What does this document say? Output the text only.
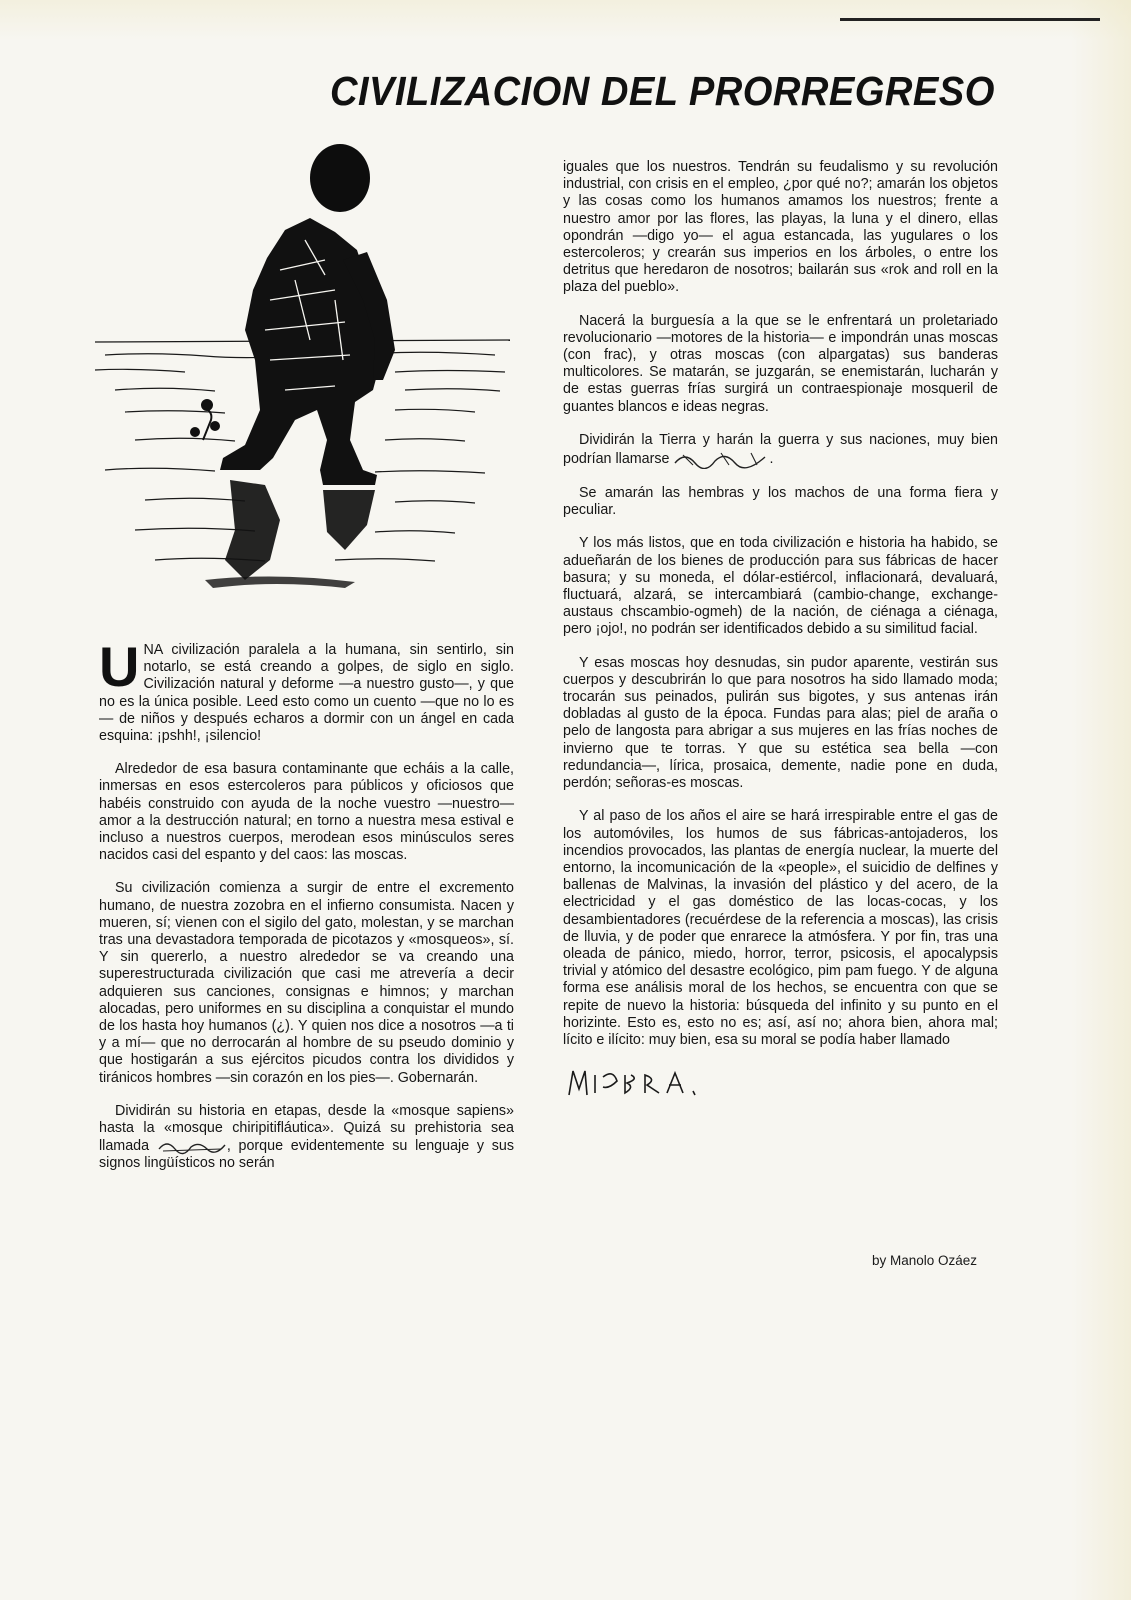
CIVILIZACION DEL PRORREGRESO

UNA civilización paralela a la humana, sin sentirlo, sin notarlo, se está creando a golpes, de siglo en siglo. Civilización natural y deforme —a nuestro gusto—, y que no es la única posible. Leed esto como un cuento —que no lo es— de niños y después echaros a dormir con un ángel en cada esquina: ¡pshh!, ¡silencio!

Alrededor de esa basura contaminante que echáis a la calle, inmersas en esos estercoleros para públicos y oficiosos que habéis construido con ayuda de la noche vuestro —nuestro— amor a la destrucción natural; en torno a nuestra mesa estival e incluso a nuestros cuerpos, merodean esos minúsculos seres nacidos casi del espanto y del caos: las moscas.

Su civilización comienza a surgir de entre el excremento humano, de nuestra zozobra en el infierno consumista. Nacen y mueren, sí; vienen con el sigilo del gato, molestan, y se marchan tras una devastadora temporada de picotazos y «mosqueos», sí. Y sin quererlo, a nuestro alrededor se va creando una superestructurada civilización que casi me atrevería a decir adquieren sus canciones, consignas e himnos; y marchan alocadas, pero uniformes en su disciplina a conquistar el mundo de los hasta hoy humanos (¿). Y quien nos dice a nosotros —a ti y a mí— que no derrocarán al hombre de su pseudo dominio y que hostigarán a sus ejércitos picudos contra los divididos y tiránicos hombres —sin corazón en los pies—. Gobernarán.

Dividirán su historia en etapas, desde la «mosque sapiens» hasta la «mosque chiripitifláutica». Quizá su prehistoria sea llamada	, porque evidentemente su lenguaje y sus signos lingüísticos no serán

iguales que los nuestros. Tendrán su feudalismo y su revolución industrial, con crisis en el empleo, ¿por qué no?; amarán los objetos y las cosas como los humanos amamos los nuestros; frente a nuestro amor por las flores, las playas, la luna y el dinero, ellas opondrán —digo yo— el agua estancada, las yugulares o los estercoleros; y crearán sus imperios en los árboles, o entre los detritus que heredaron de nosotros; bailarán sus «rok and roll en la plaza del pueblo».

Nacerá la burguesía a la que se le enfrentará un proletariado revolucionario —motores de la historia— e impondrán unas moscas (con frac), y otras moscas (con alpargatas) sus banderas multicolores. Se matarán, se juzgarán, se enemistarán, lucharán y de estas guerras frías surgirá un contraespionaje mosqueril de guantes blancos e ideas negras.

Dividirán la Tierra y harán la guerra y sus naciones, muy bien podrían llamarse	.

Se amarán las hembras y los machos de una forma fiera y peculiar.

Y los más listos, que en toda civilización e historia ha habido, se adueñarán de los bienes de producción para sus fábricas de hacer basura; y su moneda, el dólar-estiércol, inflacionará, devaluará, fluctuará, alzará, se intercambiará (cambio-change, exchange-austaus chscambio-ogmeh) de la nación, de ciénaga a ciénaga, pero ¡ojo!, no podrán ser identificados debido a su similitud facial.

Y esas moscas hoy desnudas, sin pudor aparente, vestirán sus cuerpos y descubrirán lo que para nosotros ha sido llamado moda; trocarán sus peinados, pulirán sus bigotes, y sus antenas irán dobladas al gusto de la época. Fundas para alas; piel de araña o pelo de langosta para abrigar a sus mujeres en las frías noches de invierno que te torras. Y que su estética sea bella —con redundancia—, lírica, prosaica, demente, nadie pone en duda, perdón; señoras-es moscas.

Y al paso de los años el aire se hará irrespirable entre el gas de los automóviles, los humos de sus fábricas-antojaderos, los incendios provocados, las plantas de energía nuclear, la muerte del entorno, la incomunicación de la «people», el suicidio de delfines y ballenas de Malvinas, la invasión del plástico y del acero, de la electricidad y el gas doméstico de las locas-cocas, y los desambientadores (recuérdese de la referencia a moscas), las crisis de lluvia, y de poder que enrarece la atmósfera. Y por fin, tras una oleada de pánico, miedo, horror, terror, psicosis, el apocalypsis trivial y atómico del desastre ecológico, pim pam fuego. Y de alguna forma ese análisis moral de los hechos, se encuentra con que se repite de nuevo la historia: búsqueda del infinito y su punto en el horizinte. Esto es, esto no es; así, así no; ahora bien, ahora mal; lícito e ilícito: muy bien, esa su moral se podía haber llamado

by Manolo Ozáez
